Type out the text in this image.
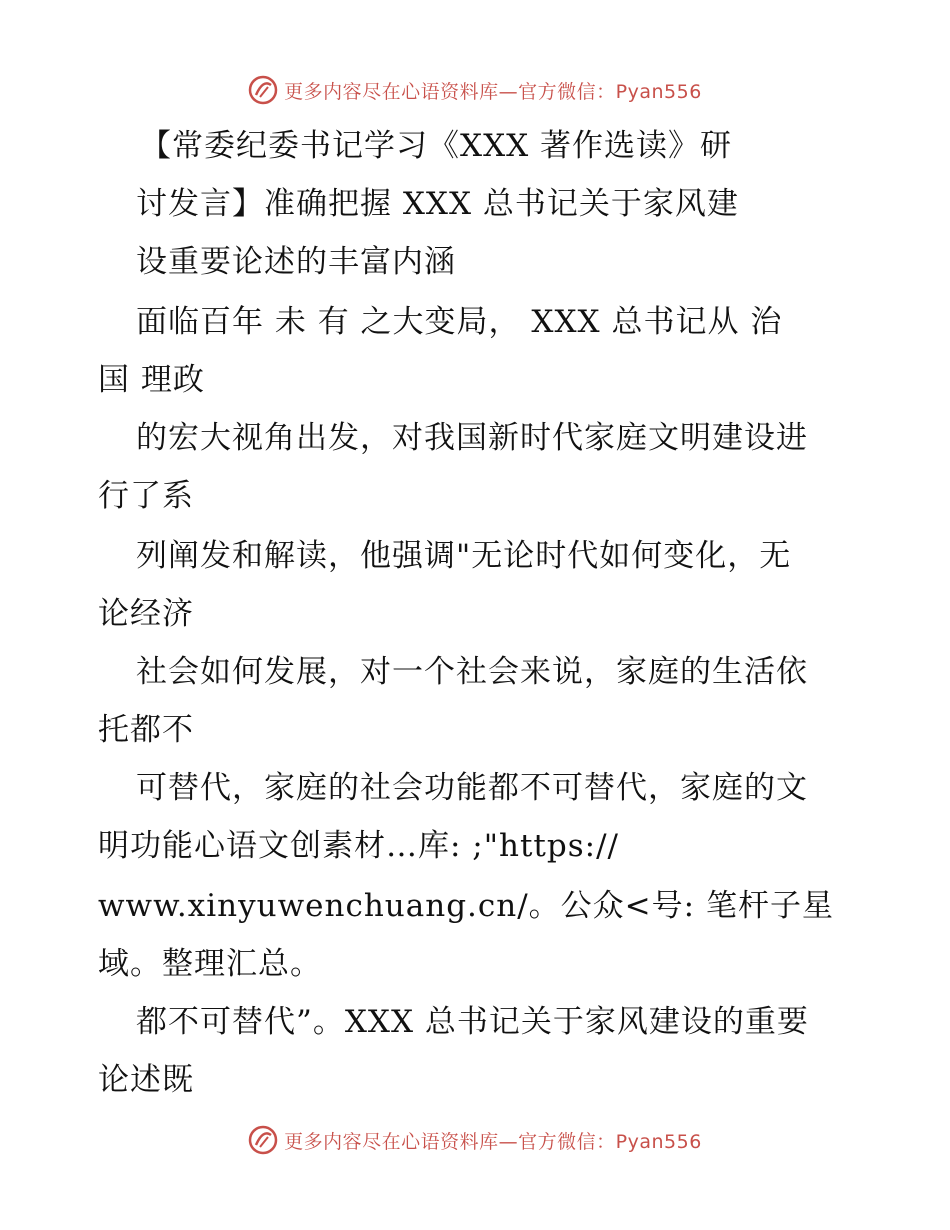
更多内容尽在心语资料库—官方微信：Pyan556
【常委纪委书记学习《XXX 著作选读》研
讨发言】准确把握 XXX 总书记关于家风建
设重要论述的丰富内涵
面临百年 未 有 之大变局， XXX 总书记从 治
国 理政
的宏大视角出发，对我国新时代家庭文明建设进
行了系
列阐发和解读，他强调"无论时代如何变化，无
论经济
社会如何发展，对一个社会来说，家庭的生活依
托都不
可替代，家庭的社会功能都不可替代，家庭的文
明功能心语文创素材…库: ;"https://
www.xinyuwenchuang.cn/。公众<号: 笔杆子星
域。整理汇总。
都不可替代”。XXX 总书记关于家风建设的重要
论述既
更多内容尽在心语资料库—官方微信：Pyan556
